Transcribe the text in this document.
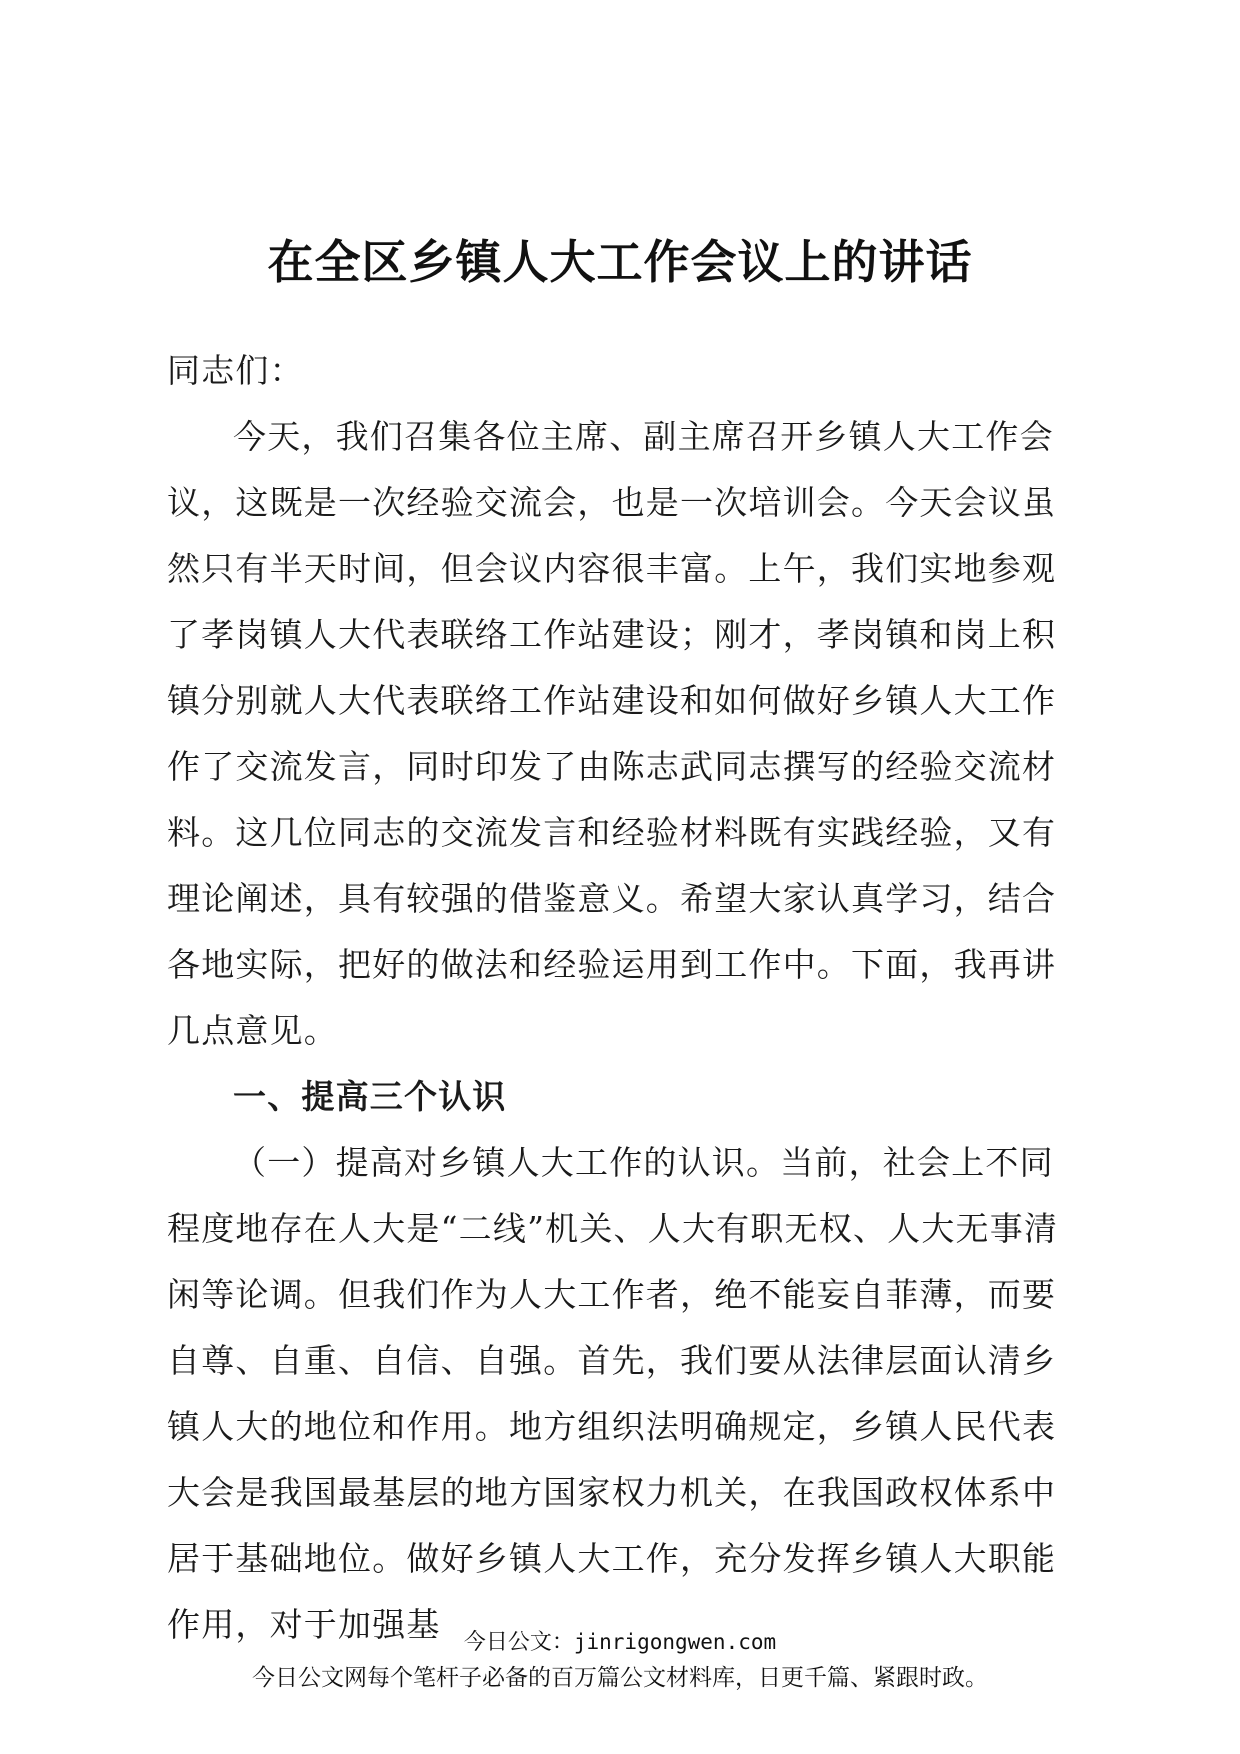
在全区乡镇人大工作会议上的讲话

同志们：

今天，我们召集各位主席、副主席召开乡镇人大工作会议，这既是一次经验交流会，也是一次培训会。今天会议虽然只有半天时间，但会议内容很丰富。上午，我们实地参观了孝岗镇人大代表联络工作站建设；刚才，孝岗镇和岗上积镇分别就人大代表联络工作站建设和如何做好乡镇人大工作作了交流发言，同时印发了由陈志武同志撰写的经验交流材料。这几位同志的交流发言和经验材料既有实践经验，又有理论阐述，具有较强的借鉴意义。希望大家认真学习，结合各地实际，把好的做法和经验运用到工作中。下面，我再讲几点意见。

一、提高三个认识

（一）提高对乡镇人大工作的认识。当前，社会上不同程度地存在人大是“二线”机关、人大有职无权、人大无事清闲等论调。但我们作为人大工作者，绝不能妄自菲薄，而要自尊、自重、自信、自强。首先，我们要从法律层面认清乡镇人大的地位和作用。地方组织法明确规定，乡镇人民代表大会是我国最基层的地方国家权力机关，在我国政权体系中居于基础地位。做好乡镇人大工作，充分发挥乡镇人大职能作用，对于加强基	今日公文：jinrigongwen.com
今日公文网每个笔杆子必备的百万篇公文材料库，日更千篇、紧跟时政。
